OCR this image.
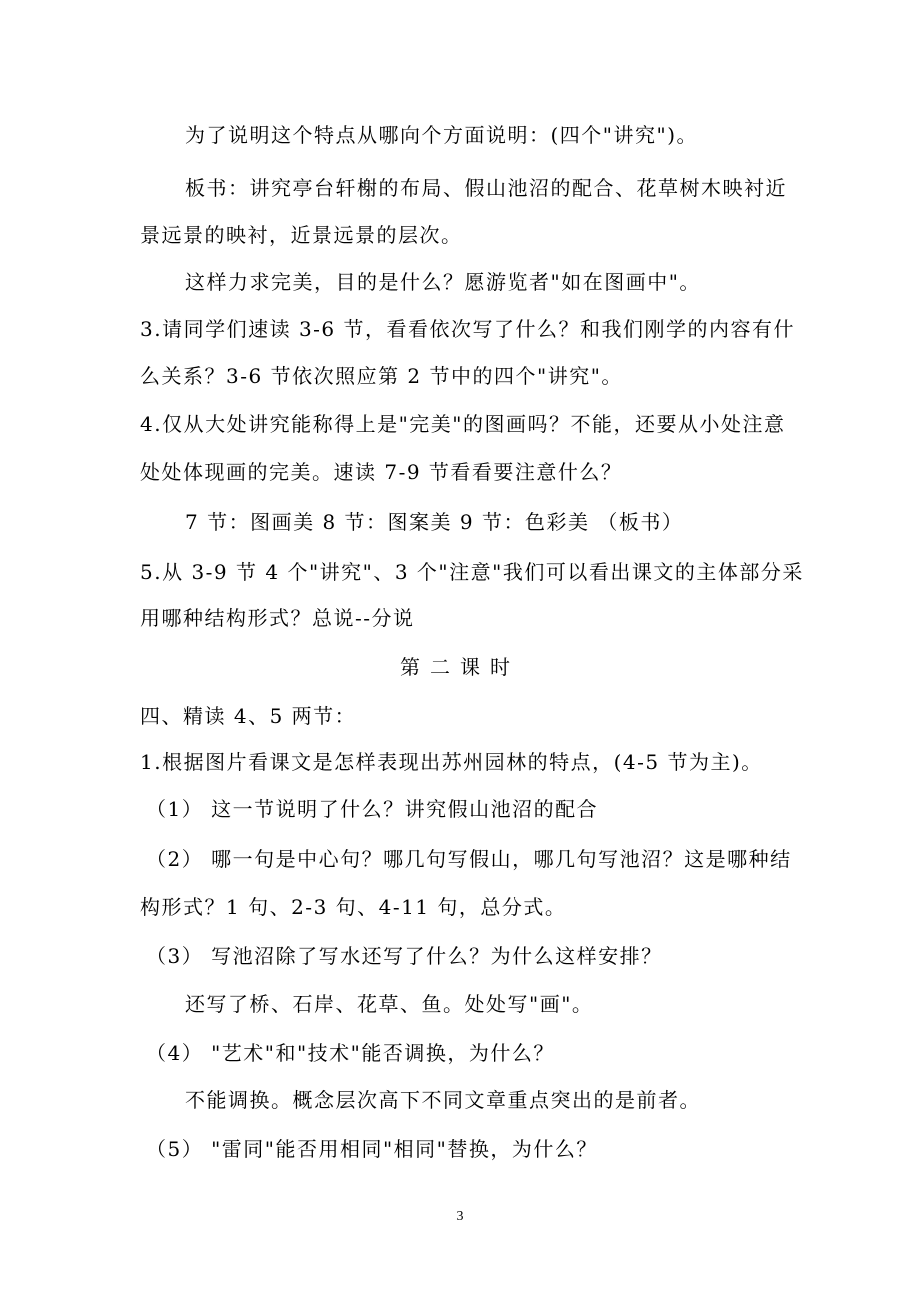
为了说明这个特点从哪向个方面说明：(四个"讲究")。
板书：讲究亭台轩榭的布局、假山池沼的配合、花草树木映衬近
景远景的映衬，近景远景的层次。
这样力求完美，目的是什么？愿游览者"如在图画中"。
3.请同学们速读 3-6 节，看看依次写了什么？和我们刚学的内容有什
么关系？3-6 节依次照应第 2 节中的四个"讲究"。
4.仅从大处讲究能称得上是"完美"的图画吗？不能，还要从小处注意
处处体现画的完美。速读 7-9 节看看要注意什么？
7 节：图画美 8 节：图案美 9 节：色彩美 （板书）
5.从 3-9 节 4 个"讲究"、3 个"注意"我们可以看出课文的主体部分采
用哪种结构形式？总说--分说
第二课时
四、精读 4、5 两节：
1.根据图片看课文是怎样表现出苏州园林的特点，(4-5 节为主)。
（1） 这一节说明了什么？讲究假山池沼的配合
（2） 哪一句是中心句？哪几句写假山，哪几句写池沼？这是哪种结
构形式？1 句、2-3 句、4-11 句，总分式。
（3） 写池沼除了写水还写了什么？为什么这样安排？
还写了桥、石岸、花草、鱼。处处写"画"。
（4） "艺术"和"技术"能否调换，为什么？
不能调换。概念层次高下不同文章重点突出的是前者。
（5） "雷同"能否用相同"相同"替换，为什么？
3
